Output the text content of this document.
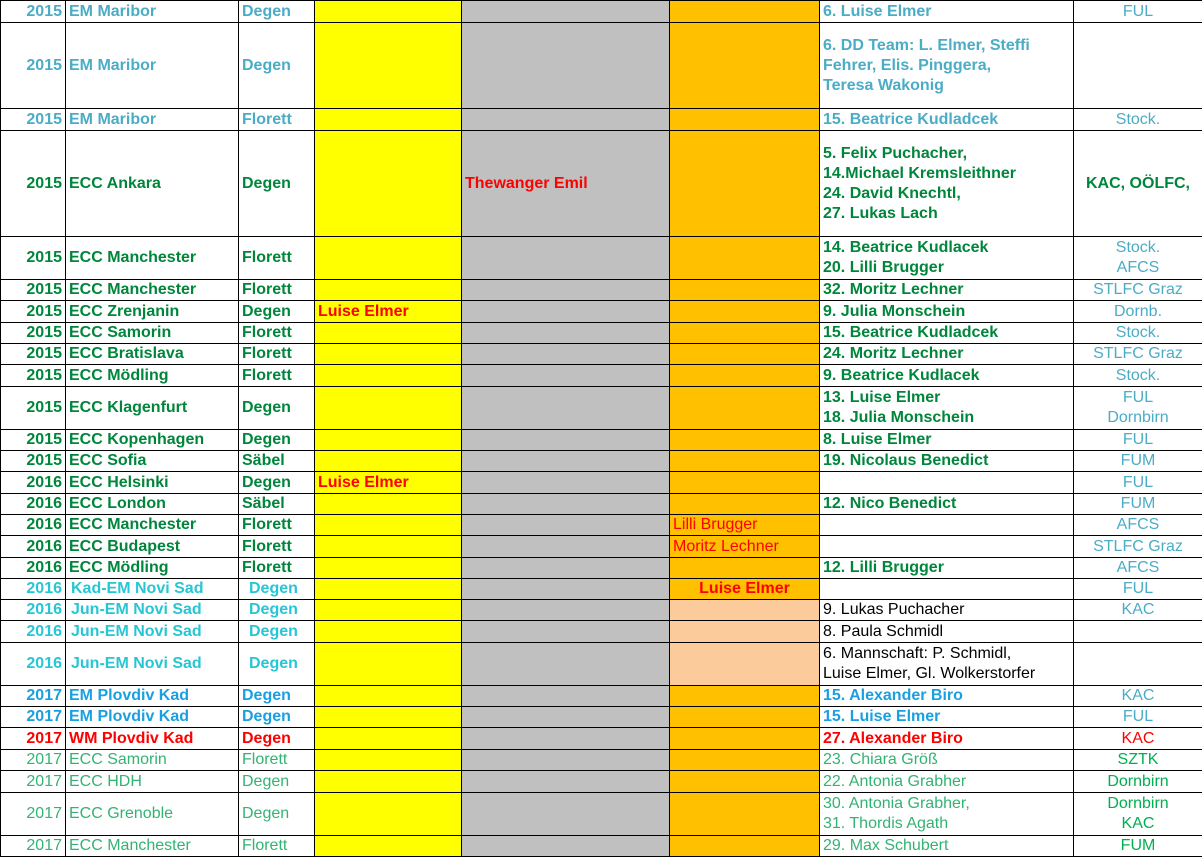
2015	EM Maribor	Degen				6. Luise Elmer	FUL

2015	EM Maribor	Degen				6. DD Team: L. Elmer, Steffi
Fehrer, Elis. Pinggera,
Teresa Wakonig	

2015	EM Maribor	Florett				15. Beatrice Kudladcek	Stock.

2015	ECC Ankara	Degen		Thewanger Emil		5. Felix Puchacher,
14.Michael Kremsleithner
24. David Knechtl,
27. Lukas Lach	KAC, OÖLFC,

2015	ECC Manchester	Florett				14. Beatrice Kudlacek
20. Lilli Brugger	Stock.
AFCS

2015	ECC Manchester	Florett				32. Moritz Lechner	STLFC Graz

2015	ECC Zrenjanin	Degen	Luise Elmer			9. Julia Monschein	Dornb.

2015	ECC Samorin	Florett				15. Beatrice Kudladcek	Stock.

2015	ECC Bratislava	Florett				24. Moritz Lechner	STLFC Graz

2015	ECC Mödling	Florett				9. Beatrice Kudlacek	Stock.

2015	ECC Klagenfurt	Degen				13. Luise Elmer
18. Julia Monschein	FUL
Dornbirn

2015	ECC Kopenhagen	Degen				8. Luise Elmer	FUL

2015	ECC Sofia	Säbel				19. Nicolaus Benedict	FUM

2016	ECC Helsinki	Degen	Luise Elmer				FUL

2016	ECC London	Säbel				12. Nico Benedict	FUM

2016	ECC Manchester	Florett			Lilli Brugger		AFCS

2016	ECC Budapest	Florett			Moritz Lechner		STLFC Graz

2016	ECC Mödling	Florett				12. Lilli Brugger	AFCS

2016	Kad-EM Novi Sad	Degen			Luise Elmer		FUL

2016	Jun-EM Novi Sad	Degen				9. Lukas Puchacher	KAC

2016	Jun-EM Novi Sad	Degen				8. Paula Schmidl	

2016	Jun-EM Novi Sad	Degen				6. Mannschaft: P. Schmidl,
Luise Elmer, Gl. Wolkerstorfer	

2017	EM Plovdiv Kad	Degen				15. Alexander Biro	KAC

2017	EM Plovdiv Kad	Degen				15. Luise Elmer	FUL

2017	WM Plovdiv Kad	Degen				27. Alexander Biro	KAC

2017	ECC Samorin	Florett				23. Chiara Größ	SZTK

2017	ECC HDH	Degen				22. Antonia Grabher	Dornbirn

2017	ECC Grenoble	Degen				30. Antonia Grabher,
31. Thordis Agath	Dornbirn
KAC

2017	ECC Manchester	Florett				29. Max Schubert	FUM
